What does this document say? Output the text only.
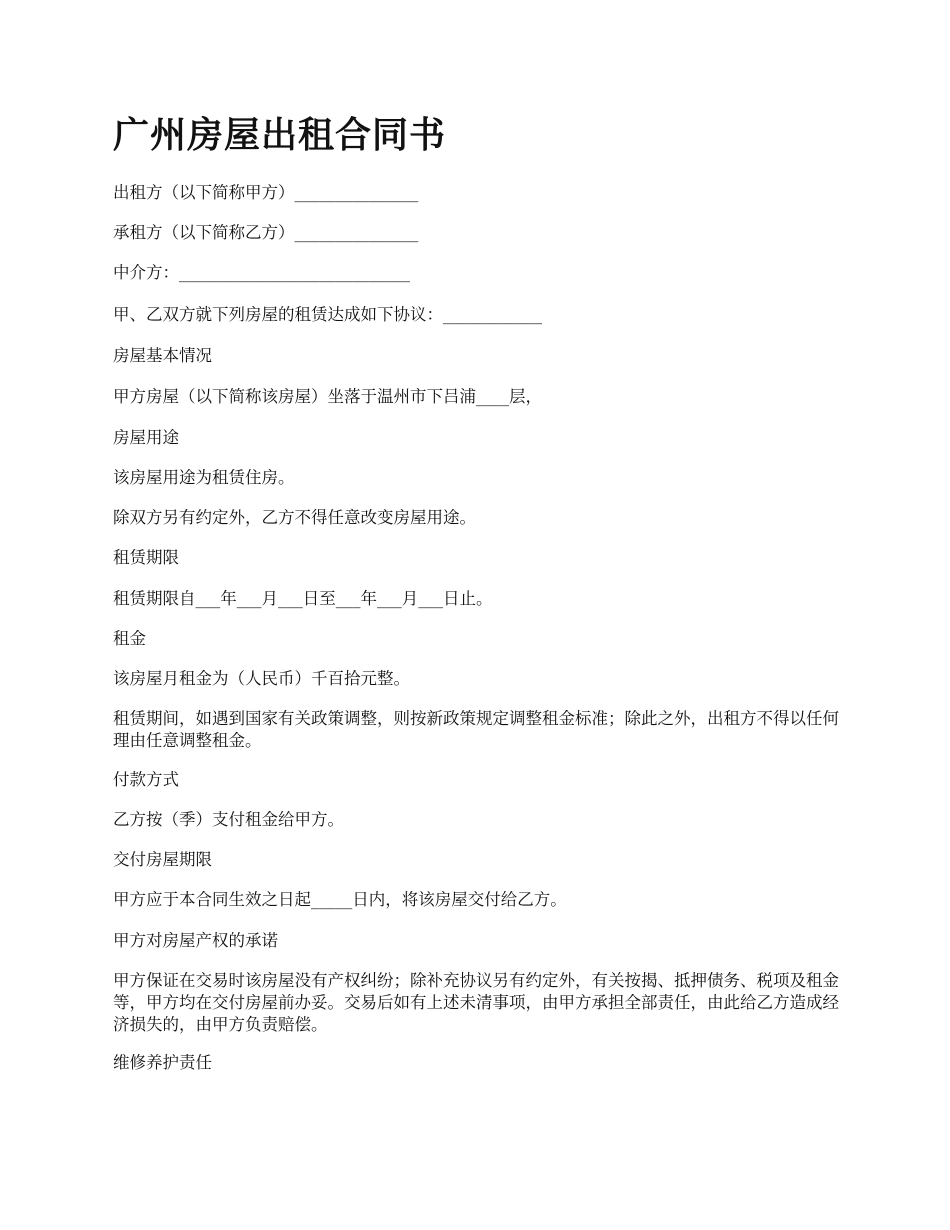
广州房屋出租合同书

出租方（以下简称甲方）_______________

承租方（以下简称乙方）_______________

中介方：____________________________

甲、乙双方就下列房屋的租赁达成如下协议：____________

房屋基本情况

甲方房屋（以下简称该房屋）坐落于温州市下吕浦____层，

房屋用途

该房屋用途为租赁住房。

除双方另有约定外，乙方不得任意改变房屋用途。

租赁期限

租赁期限自___年___月___日至___年___月___日止。

租金

该房屋月租金为（人民币）千百拾元整。

租赁期间，如遇到国家有关政策调整，则按新政策规定调整租金标准；除此之外，出租方不得以任何理由任意调整租金。

付款方式

乙方按（季）支付租金给甲方。

交付房屋期限

甲方应于本合同生效之日起_____日内，将该房屋交付给乙方。

甲方对房屋产权的承诺

甲方保证在交易时该房屋没有产权纠纷；除补充协议另有约定外，有关按揭、抵押债务、税项及租金等，甲方均在交付房屋前办妥。交易后如有上述未清事项，由甲方承担全部责任，由此给乙方造成经济损失的，由甲方负责赔偿。

维修养护责任
